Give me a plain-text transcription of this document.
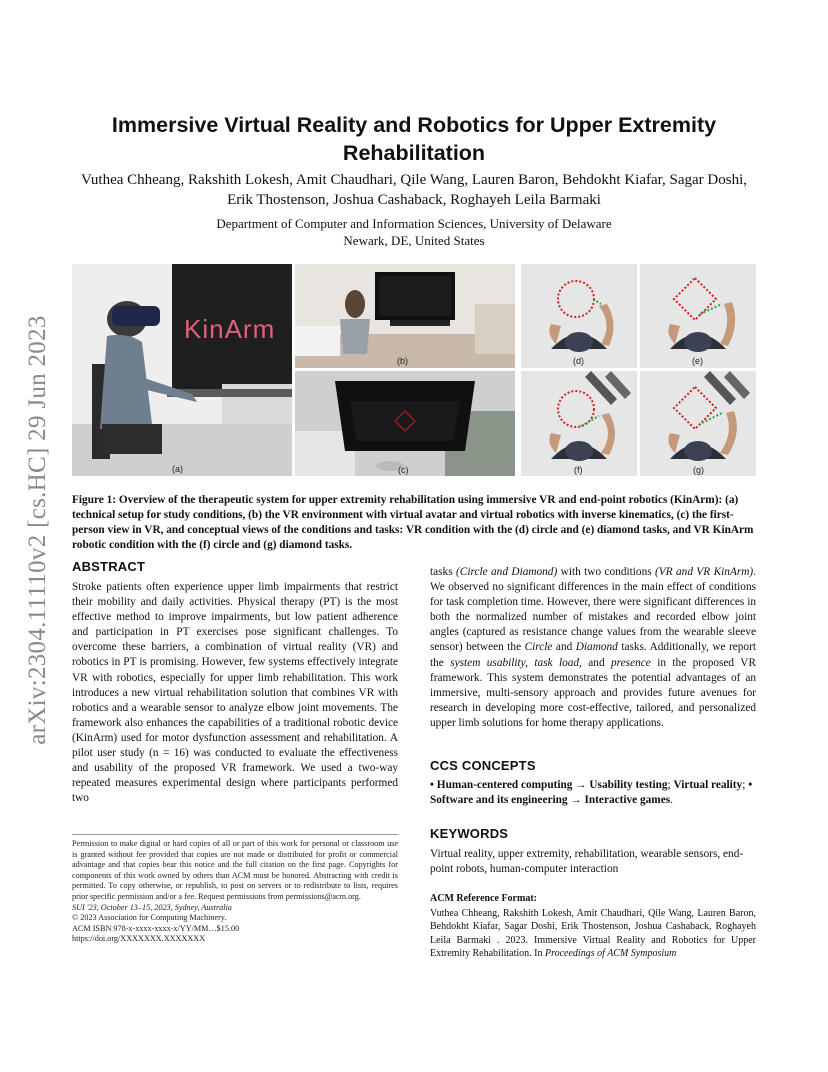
arXiv:2304.11110v2 [cs.HC] 29 Jun 2023
Immersive Virtual Reality and Robotics for Upper Extremity Rehabilitation
Vuthea Chheang, Rakshith Lokesh, Amit Chaudhari, Qile Wang, Lauren Baron, Behdokht Kiafar, Sagar Doshi, Erik Thostenson, Joshua Cashaback, Roghayeh Leila Barmaki
Department of Computer and Information Sciences, University of Delaware
Newark, DE, United States
KinArm
(a)
(b)
(c)
(d)	(e)
(f)	(g)
Figure 1: Overview of the therapeutic system for upper extremity rehabilitation using immersive VR and end-point robotics (KinArm): (a) technical setup for study conditions, (b) the VR environment with virtual avatar and virtual robotics with inverse kinematics, (c) the first-person view in VR, and conceptual views of the conditions and tasks: VR condition with the (d) circle and (e) diamond tasks, and VR KinArm robotic condition with the (f) circle and (g) diamond tasks.
ABSTRACT
Stroke patients often experience upper limb impairments that restrict their mobility and daily activities. Physical therapy (PT) is the most effective method to improve impairments, but low patient adherence and participation in PT exercises pose significant challenges. To overcome these barriers, a combination of virtual reality (VR) and robotics in PT is promising. However, few systems effectively integrate VR with robotics, especially for upper limb rehabilitation. This work introduces a new virtual rehabilitation solution that combines VR with robotics and a wearable sensor to analyze elbow joint movements. The framework also enhances the capabilities of a traditional robotic device (KinArm) used for motor dysfunction assessment and rehabilitation. A pilot user study (n = 16) was conducted to evaluate the effectiveness and usability of the proposed VR framework. We used a two-way repeated measures experimental design where participants performed two
Permission to make digital or hard copies of all or part of this work for personal or classroom use is granted without fee provided that copies are not made or distributed for profit or commercial advantage and that copies bear this notice and the full citation on the first page. Copyrights for components of this work owned by others than ACM must be honored. Abstracting with credit is permitted. To copy otherwise, or republish, to post on servers or to redistribute to lists, requires prior specific permission and/or a fee. Request permissions from permissions@acm.org.
SUI '23, October 13–15, 2023, Sydney, Australia
© 2023 Association for Computing Machinery.
ACM ISBN 978-x-xxxx-xxxx-x/YY/MM…$15.00
https://doi.org/XXXXXXX.XXXXXXX
tasks (Circle and Diamond) with two conditions (VR and VR KinArm). We observed no significant differences in the main effect of conditions for task completion time. However, there were significant differences in both the normalized number of mistakes and recorded elbow joint angles (captured as resistance change values from the wearable sleeve sensor) between the Circle and Diamond tasks. Additionally, we report the system usability, task load, and presence in the proposed VR framework. This system demonstrates the potential advantages of an immersive, multi-sensory approach and provides future avenues for research in developing more cost-effective, tailored, and personalized upper limb solutions for home therapy applications.
CCS CONCEPTS
• Human-centered computing → Usability testing; Virtual reality; • Software and its engineering → Interactive games.
KEYWORDS
Virtual reality, upper extremity, rehabilitation, wearable sensors, end-point robots, human-computer interaction
ACM Reference Format:
Vuthea Chheang, Rakshith Lokesh, Amit Chaudhari, Qile Wang, Lauren Baron, Behdokht Kiafar, Sagar Doshi, Erik Thostenson, Joshua Cashaback, Roghayeh Leila Barmaki . 2023. Immersive Virtual Reality and Robotics for Upper Extremity Rehabilitation. In Proceedings of ACM Symposium
